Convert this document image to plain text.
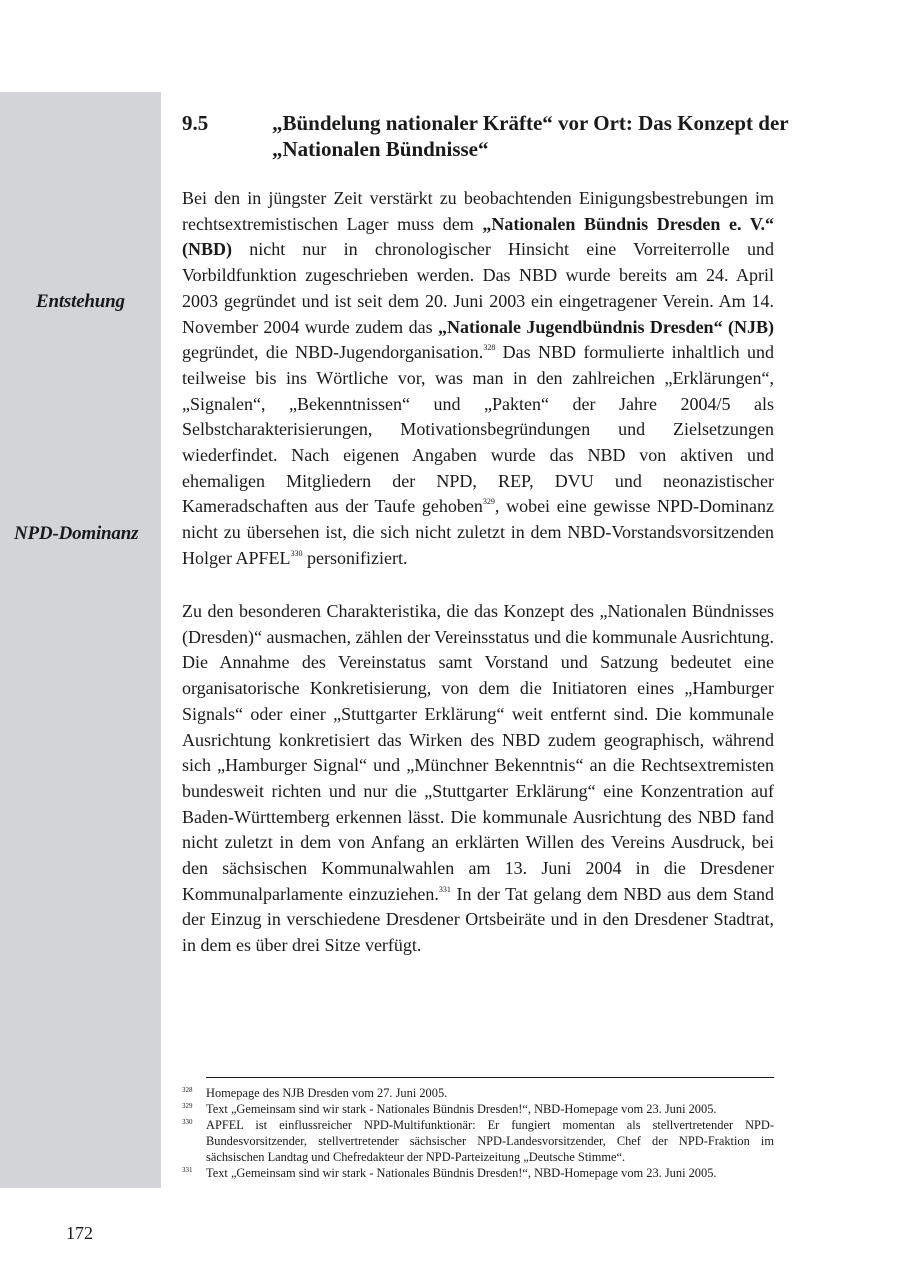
Entstehung
NPD-Dominanz
9.5	„Bündelung nationaler Kräfte“ vor Ort: Das Konzept der
„Nationalen Bündnisse“
Bei den in jüngster Zeit verstärkt zu beobachtenden Einigungsbestrebungen im rechtsextremistischen Lager muss dem „Nationalen Bündnis Dresden e. V.“ (NBD) nicht nur in chronologischer Hinsicht eine Vorreiterrolle und Vorbildfunktion zugeschrieben werden. Das NBD wurde bereits am 24. April 2003 gegründet und ist seit dem 20. Juni 2003 ein eingetragener Verein. Am 14. November 2004 wurde zudem das „Nationale Jugendbündnis Dresden“ (NJB) gegründet, die NBD-Jugendorganisation.$^{328}$ Das NBD formulierte inhaltlich und teilweise bis ins Wörtliche vor, was man in den zahlreichen „Erklärungen“, „Signalen“, „Bekenntnissen“ und „Pakten“ der Jahre 2004/5 als Selbstcharakterisierungen, Motivationsbegründungen und Zielsetzungen wiederfindet. Nach eigenen Angaben wurde das NBD von aktiven und ehemaligen Mitgliedern der NPD, REP, DVU und neonazistischer Kameradschaften aus der Taufe gehoben$^{329}$, wobei eine gewisse NPD-Dominanz nicht zu übersehen ist, die sich nicht zuletzt in dem NBD-Vorstandsvorsitzenden Holger APFEL$^{330}$ personifiziert.
Zu den besonderen Charakteristika, die das Konzept des „Nationalen Bündnisses (Dresden)“ ausmachen, zählen der Vereinsstatus und die kommunale Ausrichtung. Die Annahme des Vereinstatus samt Vorstand und Satzung bedeutet eine organisatorische Konkretisierung, von dem die Initiatoren eines „Hamburger Signals“ oder einer „Stuttgarter Erklärung“ weit entfernt sind. Die kommunale Ausrichtung konkretisiert das Wirken des NBD zudem geographisch, während sich „Hamburger Signal“ und „Münchner Bekenntnis“ an die Rechtsextremisten bundesweit richten und nur die „Stuttgarter Erklärung“ eine Konzentration auf Baden-Württemberg erkennen lässt. Die kommunale Ausrichtung des NBD fand nicht zuletzt in dem von Anfang an erklärten Willen des Vereins Ausdruck, bei den sächsischen Kommunalwahlen am 13. Juni 2004 in die Dresdener Kommunalparlamente einzuziehen.$^{331}$ In der Tat gelang dem NBD aus dem Stand der Einzug in verschiedene Dresdener Ortsbeiräte und in den Dresdener Stadtrat, in dem es über drei Sitze verfügt.
328 Homepage des NJB Dresden vom 27. Juni 2005.
329 Text „Gemeinsam sind wir stark - Nationales Bündnis Dresden!“, NBD-Homepage vom 23. Juni 2005.
330 APFEL ist einflussreicher NPD-Multifunktionär: Er fungiert momentan als stellvertretender NPD-Bundesvorsitzender, stellvertretender sächsischer NPD-Landesvorsitzender, Chef der NPD-Fraktion im sächsischen Landtag und Chefredakteur der NPD-Parteizeitung „Deutsche Stimme“.
331 Text „Gemeinsam sind wir stark - Nationales Bündnis Dresden!“, NBD-Homepage vom 23. Juni 2005.
172
